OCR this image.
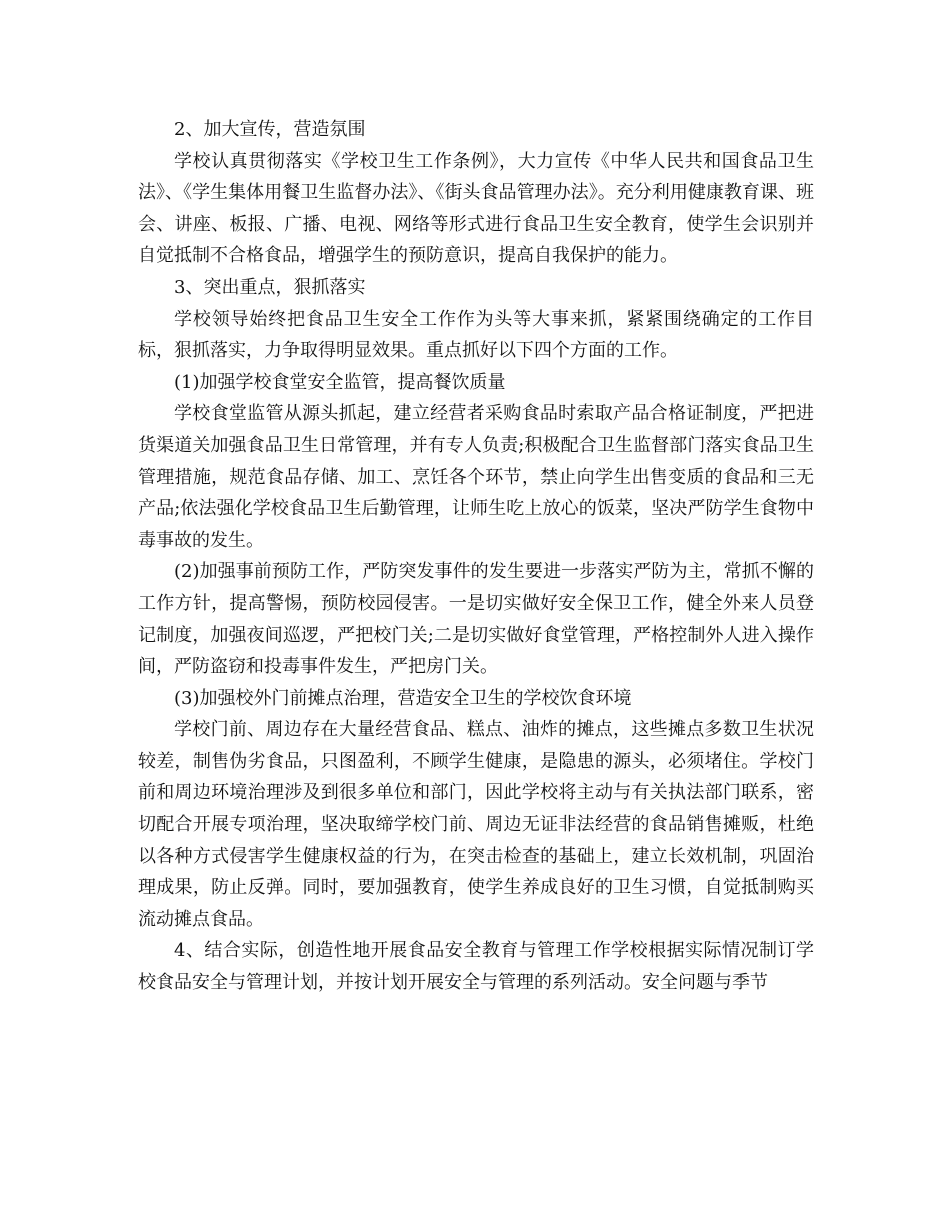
2、加大宣传，营造氛围

学校认真贯彻落实《学校卫生工作条例》，大力宣传《中华人民共和国食品卫生法》、《学生集体用餐卫生监督办法》、《街头食品管理办法》。充分利用健康教育课、班会、讲座、板报、广播、电视、网络等形式进行食品卫生安全教育，使学生会识别并自觉抵制不合格食品，增强学生的预防意识，提高自我保护的能力。

3、突出重点，狠抓落实

学校领导始终把食品卫生安全工作作为头等大事来抓，紧紧围绕确定的工作目标，狠抓落实，力争取得明显效果。重点抓好以下四个方面的工作。

(1)加强学校食堂安全监管，提高餐饮质量

学校食堂监管从源头抓起，建立经营者采购食品时索取产品合格证制度，严把进货渠道关加强食品卫生日常管理，并有专人负责;积极配合卫生监督部门落实食品卫生管理措施，规范食品存储、加工、烹饪各个环节，禁止向学生出售变质的食品和三无产品;依法强化学校食品卫生后勤管理，让师生吃上放心的饭菜，坚决严防学生食物中毒事故的发生。

(2)加强事前预防工作，严防突发事件的发生要进一步落实严防为主，常抓不懈的工作方针，提高警惕，预防校园侵害。一是切实做好安全保卫工作，健全外来人员登记制度，加强夜间巡逻，严把校门关;二是切实做好食堂管理，严格控制外人进入操作间，严防盗窃和投毒事件发生，严把房门关。

(3)加强校外门前摊点治理，营造安全卫生的学校饮食环境

学校门前、周边存在大量经营食品、糕点、油炸的摊点，这些摊点多数卫生状况较差，制售伪劣食品，只图盈利，不顾学生健康，是隐患的源头，必须堵住。学校门前和周边环境治理涉及到很多单位和部门，因此学校将主动与有关执法部门联系，密切配合开展专项治理，坚决取缔学校门前、周边无证非法经营的食品销售摊贩，杜绝以各种方式侵害学生健康权益的行为，在突击检查的基础上，建立长效机制，巩固治理成果，防止反弹。同时，要加强教育，使学生养成良好的卫生习惯，自觉抵制购买流动摊点食品。

4、结合实际，创造性地开展食品安全教育与管理工作学校根据实际情况制订学校食品安全与管理计划，并按计划开展安全与管理的系列活动。安全问题与季节
